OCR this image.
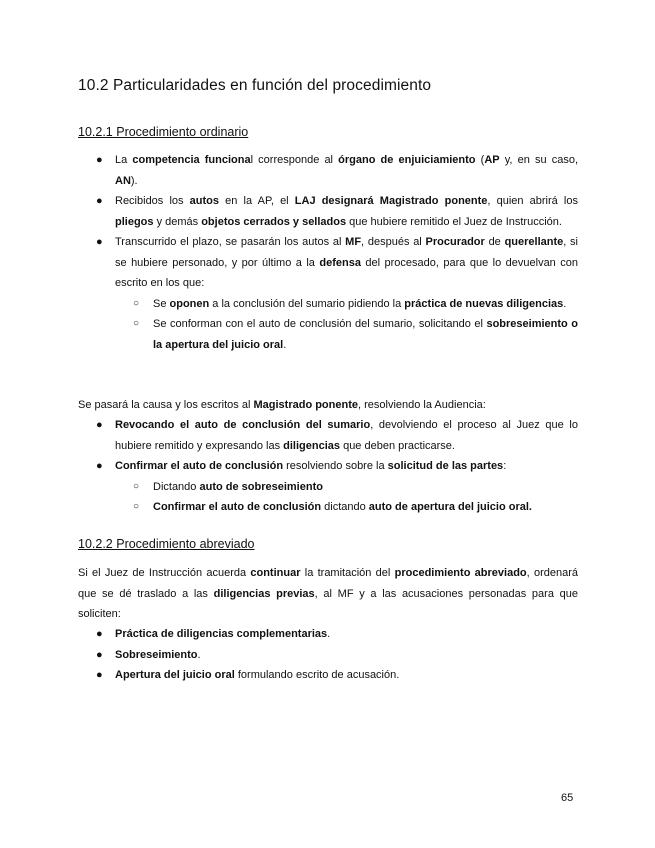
10.2 Particularidades en función del procedimiento
10.2.1 Procedimiento ordinario
● La competencia funcional corresponde al órgano de enjuiciamiento (AP y, en su caso, AN).
● Recibidos los autos en la AP, el LAJ designará Magistrado ponente, quien abrirá los pliegos y demás objetos cerrados y sellados que hubiere remitido el Juez de Instrucción.
● Transcurrido el plazo, se pasarán los autos al MF, después al Procurador de querellante, si se hubiere personado, y por último a la defensa del procesado, para que lo devuelvan con escrito en los que:
○ Se oponen a la conclusión del sumario pidiendo la práctica de nuevas diligencias.
○ Se conforman con el auto de conclusión del sumario, solicitando el sobreseimiento o la apertura del juicio oral.

Se pasará la causa y los escritos al Magistrado ponente, resolviendo la Audiencia:

● Revocando el auto de conclusión del sumario, devolviendo el proceso al Juez que lo hubiere remitido y expresando las diligencias que deben practicarse.
● Confirmar el auto de conclusión resolviendo sobre la solicitud de las partes:
○ Dictando auto de sobreseimiento
○ Confirmar el auto de conclusión dictando auto de apertura del juicio oral.
10.2.2 Procedimiento abreviado

Si el Juez de Instrucción acuerda continuar la tramitación del procedimiento abreviado, ordenará que se dé traslado a las diligencias previas, al MF y a las acusaciones personadas para que soliciten:

● Práctica de diligencias complementarias.
● Sobreseimiento.
● Apertura del juicio oral formulando escrito de acusación.
65
